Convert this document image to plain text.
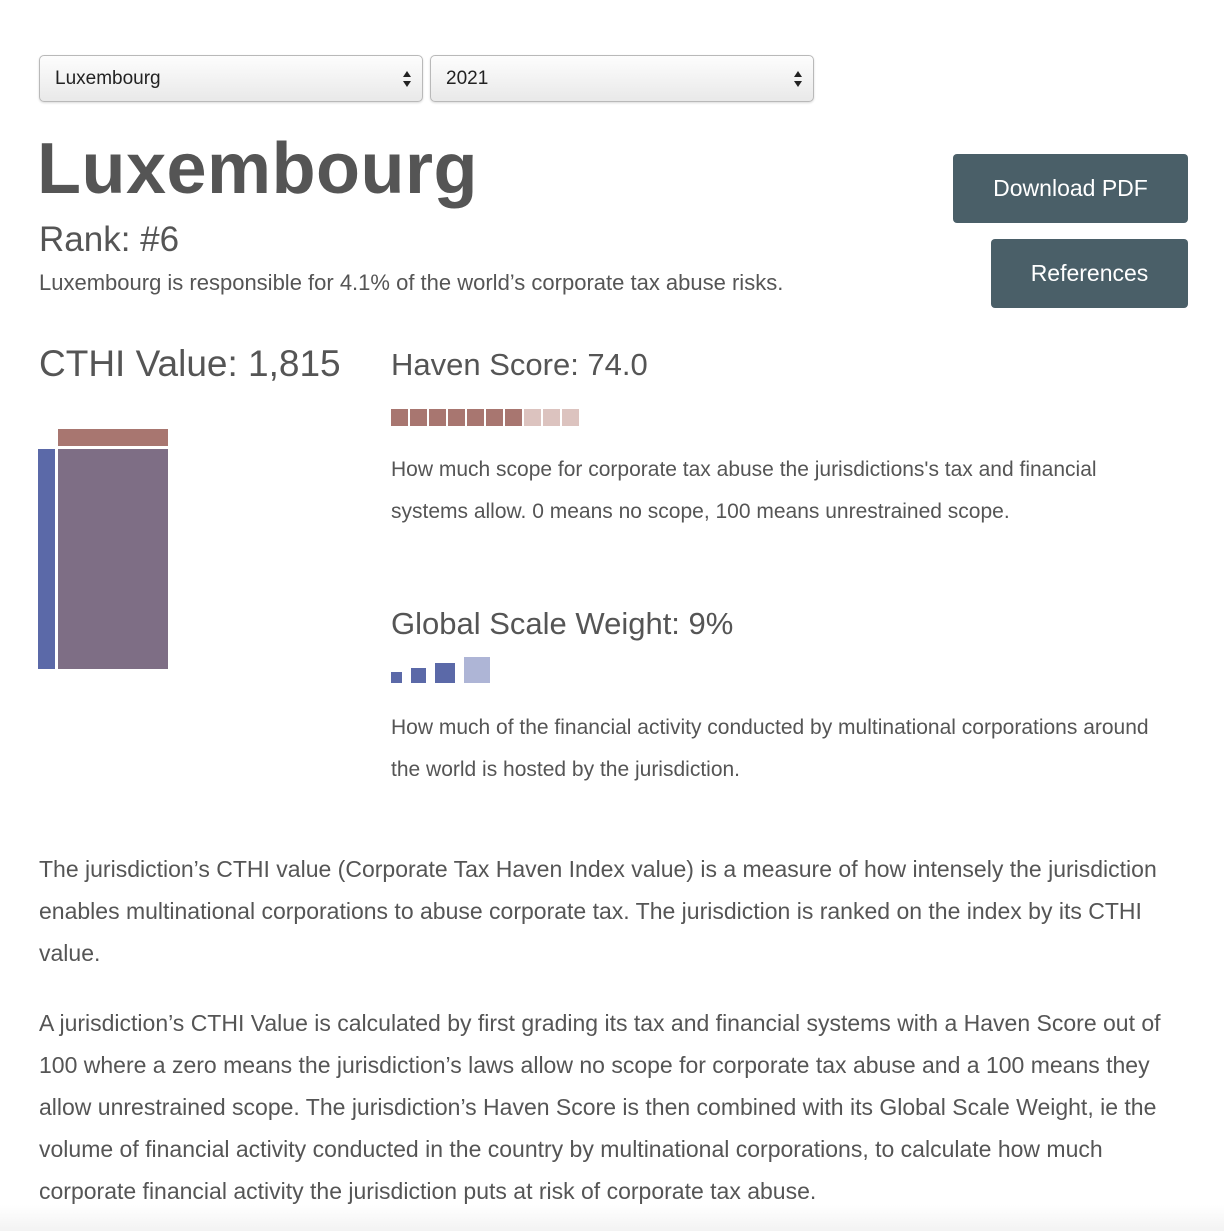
Luxembourg	2021
Luxembourg
Rank: #6
Luxembourg is responsible for 4.1% of the world’s corporate tax abuse risks.
Download PDF
References
CTHI Value: 1,815 Haven Score: 74.0
How much scope for corporate tax abuse the jurisdictions's tax and financial systems allow. 0 means no scope, 100 means unrestrained scope.
Global Scale Weight: 9%
How much of the financial activity conducted by multinational corporations around the world is hosted by the jurisdiction.

The jurisdiction’s CTHI value (Corporate Tax Haven Index value) is a measure of how intensely the jurisdiction enables multinational corporations to abuse corporate tax. The jurisdiction is ranked on the index by its CTHI value.

A jurisdiction’s CTHI Value is calculated by first grading its tax and financial systems with a Haven Score out of 100 where a zero means the jurisdiction’s laws allow no scope for corporate tax abuse and a 100 means they allow unrestrained scope. The jurisdiction’s Haven Score is then combined with its Global Scale Weight, ie the volume of financial activity conducted in the country by multinational corporations, to calculate how much corporate financial activity the jurisdiction puts at risk of corporate tax abuse.
